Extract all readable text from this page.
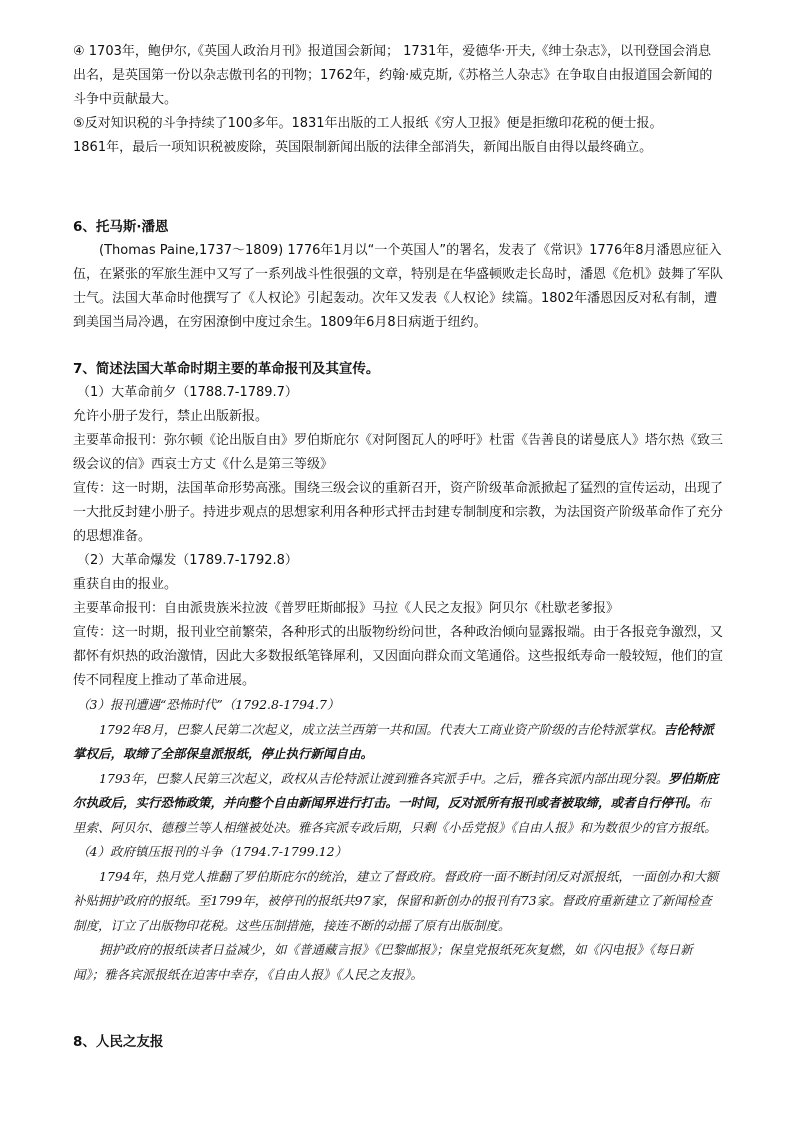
④ 1703年，鲍伊尔,《英国人政治月刊》报道国会新闻； 1731年，爱德华·开夫,《绅士杂志》，以刊登国会消息出名，是英国第一份以杂志傲刊名的刊物；1762年，约翰·威克斯,《苏格兰人杂志》在争取自由报道国会新闻的斗争中贡献最大。

⑤反对知识税的斗争持续了100多年。1831年出版的工人报纸《穷人卫报》便是拒缴印花税的便士报。

1861年，最后一项知识税被废除，英国限制新闻出版的法律全部消失，新闻出版自由得以最终确立。

6、托马斯·潘恩

(Thomas Paine,1737～1809) 1776年1月以“一个英国人”的署名，发表了《常识》1776年8月潘恩应征入伍，在紧张的军旅生涯中又写了一系列战斗性很强的文章，特别是在华盛顿败走长岛时，潘恩《危机》鼓舞了军队士气。法国大革命时他撰写了《人权论》引起轰动。次年又发表《人权论》续篇。1802年潘恩因反对私有制，遭到美国当局冷遇，在穷困潦倒中度过余生。1809年6月8日病逝于纽约。

7、简述法国大革命时期主要的革命报刊及其宣传。

（1）大革命前夕（1788.7-1789.7）

允许小册子发行，禁止出版新报。

主要革命报刊：弥尔顿《论出版自由》罗伯斯庇尔《对阿图瓦人的呼吁》杜雷《告善良的诺曼底人》塔尔热《致三级会议的信》西哀士方丈《什么是第三等级》

宣传：这一时期，法国革命形势高涨。围绕三级会议的重新召开，资产阶级革命派掀起了猛烈的宣传运动，出现了一大批反封建小册子。持进步观点的思想家利用各种形式抨击封建专制制度和宗教，为法国资产阶级革命作了充分的思想准备。

（2）大革命爆发（1789.7-1792.8）

重获自由的报业。

主要革命报刊：自由派贵族米拉波《普罗旺斯邮报》马拉《人民之友报》阿贝尔《杜歇老爹报》

宣传：这一时期，报刊业空前繁荣，各种形式的出版物纷纷问世，各种政治倾向显露报端。由于各报竞争激烈，又都怀有炽热的政治激情，因此大多数报纸笔锋犀利，又因面向群众而文笔通俗。这些报纸寿命一般较短，他们的宣传不同程度上推动了革命进展。

（3）报刊遭遇“恐怖时代”（1792.8-1794.7）

1792年8月，巴黎人民第二次起义，成立法兰西第一共和国。代表大工商业资产阶级的吉伦特派掌权。吉伦特派掌权后，取缔了全部保皇派报纸，停止执行新闻自由。

1793年，巴黎人民第三次起义，政权从吉伦特派让渡到雅各宾派手中。之后，雅各宾派内部出现分裂。罗伯斯庇尔执政后，实行恐怖政策，并向整个自由新闻界进行打击。一时间，反对派所有报刊或者被取缔，或者自行停刊。布里索、阿贝尔、德穆兰等人相继被处决。雅各宾派专政后期，只剩《小岳党报》《自由人报》和为数很少的官方报纸。

（4）政府镇压报刊的斗争（1794.7-1799.12）

1794年，热月党人推翻了罗伯斯庇尔的统治，建立了督政府。督政府一面不断封闭反对派报纸，一面创办和大额补贴拥护政府的报纸。至1799年，被停刊的报纸共97家，保留和新创办的报刊有73家。督政府重新建立了新闻检查制度，订立了出版物印花税。这些压制措施，接连不断的动摇了原有出版制度。

拥护政府的报纸读者日益减少，如《普通藏言报》《巴黎邮报》；保皇党报纸死灰复燃，如《闪电报》《每日新闻》；雅各宾派报纸在迫害中幸存，《自由人报》《人民之友报》。

8、人民之友报
